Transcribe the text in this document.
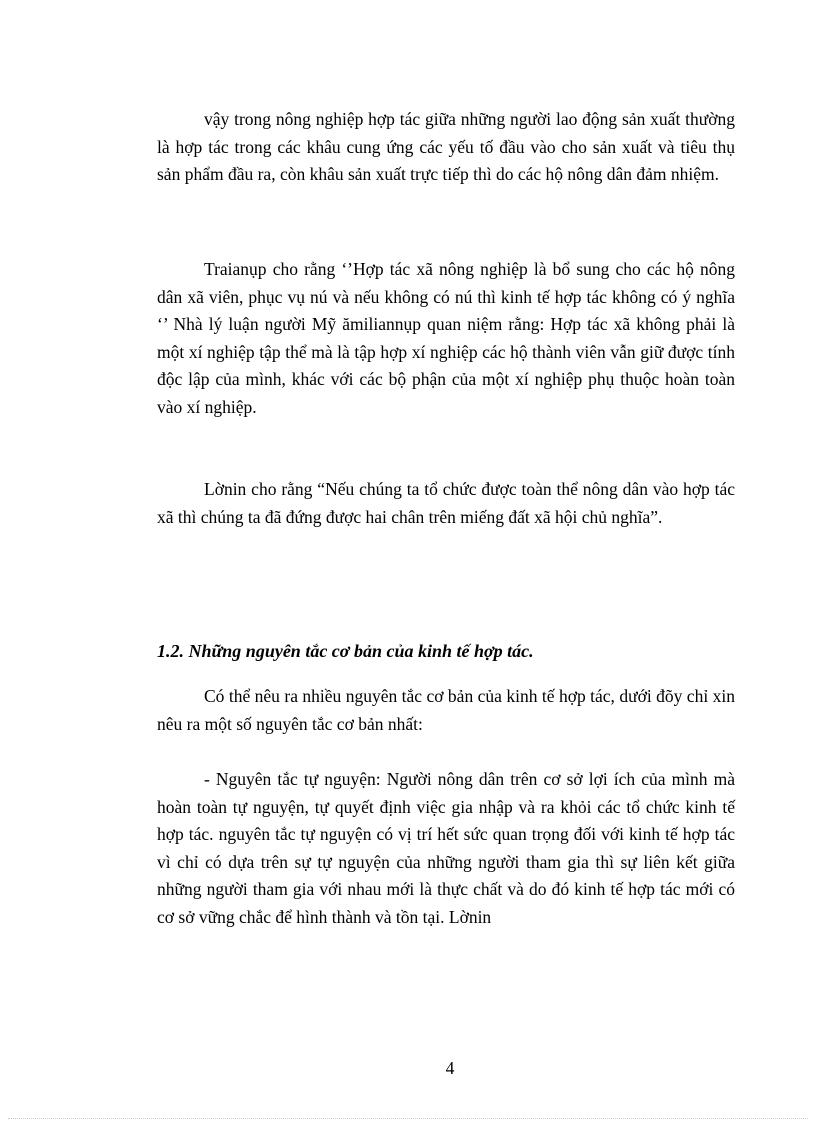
vậy trong nông nghiệp hợp tác giữa những người lao động sản xuất thường là hợp tác trong các khâu cung ứng các yếu tố đầu vào cho sản xuất và tiêu thụ sản phẩm đầu ra, còn khâu sản xuất trực tiếp thì do các hộ nông dân đảm nhiệm.

Traianụp cho rằng ‘’Hợp tác xã nông nghiệp là bổ sung cho các hộ nông dân xã viên, phục vụ nú và nếu không có nú thì kinh tế hợp tác không có ý nghĩa ‘’ Nhà lý luận người Mỹ ămiliannụp quan niệm rằng: Hợp tác xã không phải là một xí nghiệp tập thể mà là tập hợp xí nghiệp các hộ thành viên vẫn giữ được tính độc lập của mình, khác với các bộ phận của một xí nghiệp phụ thuộc hoàn toàn vào xí nghiệp.

Lờnin cho rằng “Nếu chúng ta tổ chức được toàn thể nông dân vào hợp tác xã thì chúng ta đã đứng được hai chân trên miếng đất xã hội chủ nghĩa”.

1.2. Những nguyên tắc cơ bản của kinh tế hợp tác.

Có thể nêu ra nhiều nguyên tắc cơ bản của kinh tế hợp tác, dưới đõy chỉ xin nêu ra một số nguyên tắc cơ bản nhất:

- Nguyên tắc tự nguyện: Người nông dân trên cơ sở lợi ích của mình mà hoàn toàn tự nguyện, tự quyết định việc gia nhập và ra khỏi các tổ chức kinh tế hợp tác. nguyên tắc tự nguyện có vị trí hết sức quan trọng đối với kinh tế hợp tác vì chỉ có dựa trên sự tự nguyện của những người tham gia thì sự liên kết giữa những người tham gia với nhau mới là thực chất và do đó kinh tế hợp tác mới có cơ sở vững chắc để hình thành và tồn tại. Lờnin

4
